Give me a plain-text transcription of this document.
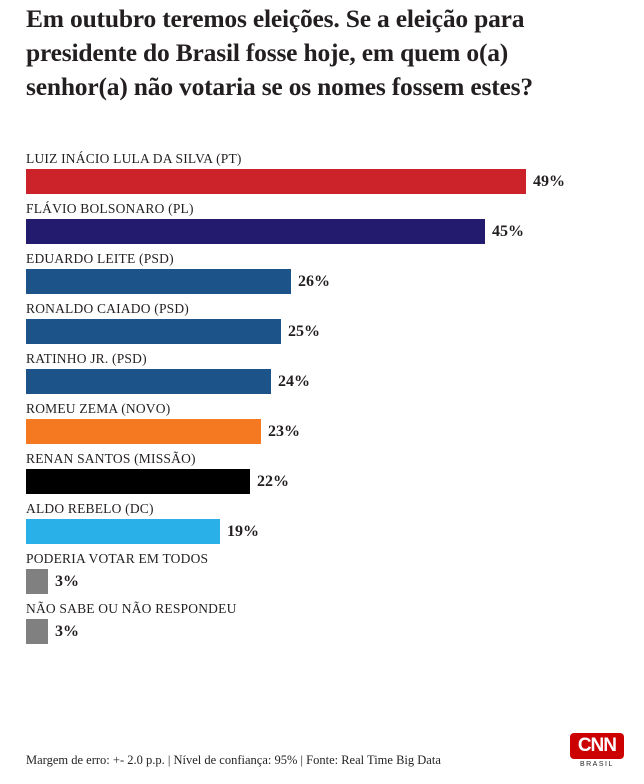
Em outubro teremos eleições. Se a eleição para
presidente do Brasil fosse hoje, em quem o(a)
senhor(a) não votaria se os nomes fossem estes?
LUIZ INÁCIO LULA DA SILVA (PT)
49%
FLÁVIO BOLSONARO (PL)
45%
EDUARDO LEITE (PSD)
26%
RONALDO CAIADO (PSD)
25%
RATINHO JR. (PSD)
24%
ROMEU ZEMA (NOVO)
23%
RENAN SANTOS (MISSÃO)
22%
ALDO REBELO (DC)
19%
PODERIA VOTAR EM TODOS
3%
NÃO SABE OU NÃO RESPONDEU
3%
Margem de erro: +- 2.0 p.p. | Nível de confiança: 95% | Fonte: Real Time Big Data
CNN
BRASIL
